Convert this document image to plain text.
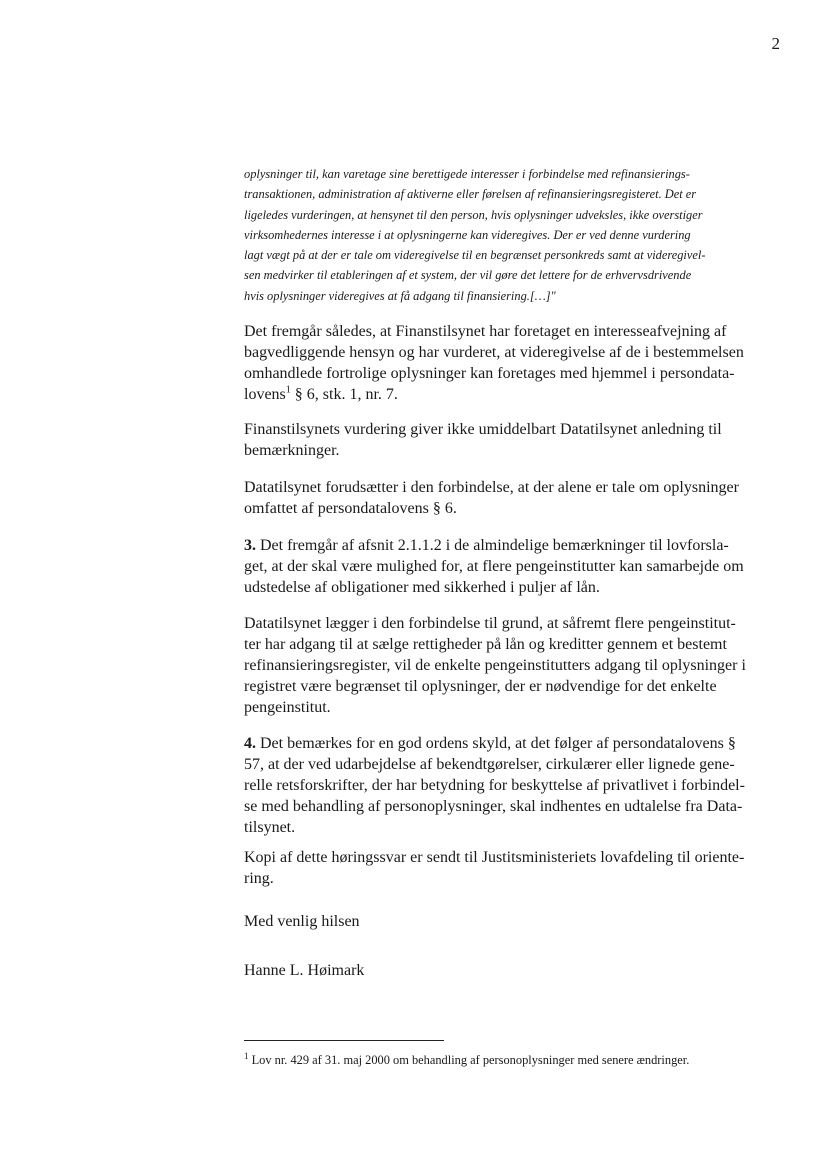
2
oplysninger til, kan varetage sine berettigede interesser i forbindelse med refinansierings-
transaktionen, administration af aktiverne eller førelsen af refinansieringsregisteret. Det er
ligeledes vurderingen, at hensynet til den person, hvis oplysninger udveksles, ikke overstiger
virksomhedernes interesse i at oplysningerne kan videregives. Der er ved denne vurdering
lagt vægt på at der er tale om videregivelse til en begrænset personkreds samt at videregivel-
sen medvirker til etableringen af et system, der vil gøre det lettere for de erhvervsdrivende
hvis oplysninger videregives at få adgang til finansiering.[…]"
Det fremgår således, at Finanstilsynet har foretaget en interesseafvejning af
bagvedliggende hensyn og har vurderet, at videregivelse af de i bestemmelsen
omhandlede fortrolige oplysninger kan foretages med hjemmel i persondata-
lovens$^1$ § 6, stk. 1, nr. 7.
Finanstilsynets vurdering giver ikke umiddelbart Datatilsynet anledning til
bemærkninger.
Datatilsynet forudsætter i den forbindelse, at der alene er tale om oplysninger
omfattet af persondatalovens § 6.
3. Det fremgår af afsnit 2.1.1.2 i de almindelige bemærkninger til lovforsla-
get, at der skal være mulighed for, at flere pengeinstitutter kan samarbejde om
udstedelse af obligationer med sikkerhed i puljer af lån.
Datatilsynet lægger i den forbindelse til grund, at såfremt flere pengeinstitut-
ter har adgang til at sælge rettigheder på lån og kreditter gennem et bestemt
refinansieringsregister, vil de enkelte pengeinstitutters adgang til oplysninger i
registret være begrænset til oplysninger, der er nødvendige for det enkelte
pengeinstitut.
4. Det bemærkes for en god ordens skyld, at det følger af persondatalovens §
57, at der ved udarbejdelse af bekendtgørelser, cirkulærer eller lignede gene-
relle retsforskrifter, der har betydning for beskyttelse af privatlivet i forbindel-
se med behandling af personoplysninger, skal indhentes en udtalelse fra Data-
tilsynet.
Kopi af dette høringssvar er sendt til Justitsministeriets lovafdeling til oriente-
ring.
Med venlig hilsen
Hanne L. Høimark
$^1$ Lov nr. 429 af 31. maj 2000 om behandling af personoplysninger med senere ændringer.
